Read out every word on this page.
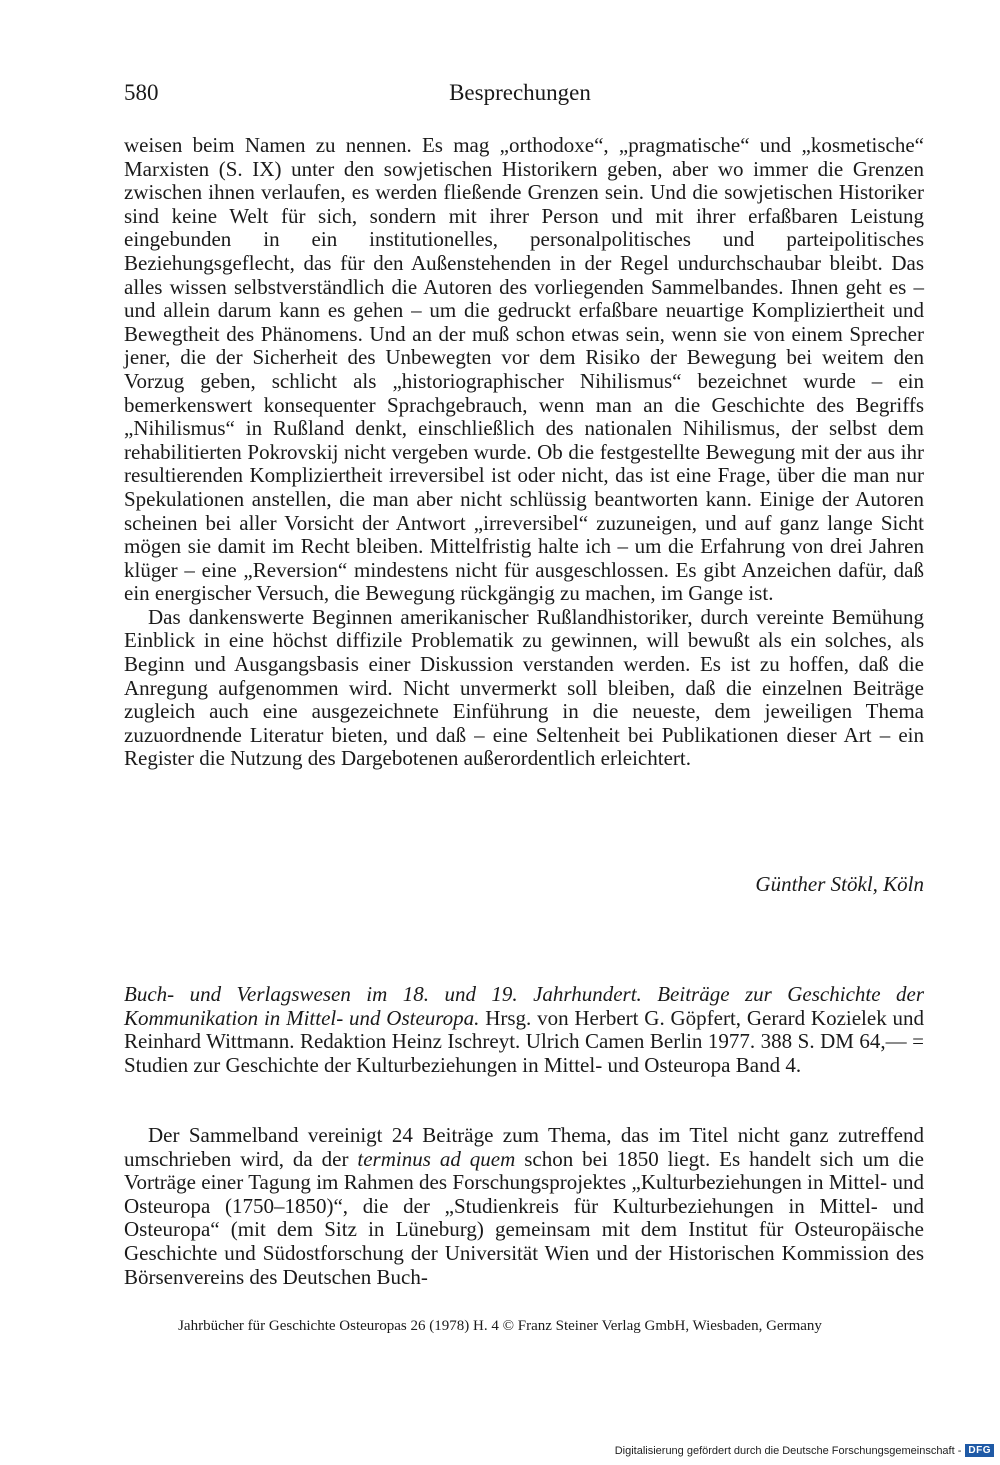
580	Besprechungen

weisen beim Namen zu nennen. Es mag „orthodoxe“, „pragmatische“ und „kosmetische“ Marxisten (S. IX) unter den sowjetischen Historikern geben, aber wo immer die Grenzen zwischen ihnen verlaufen, es werden fließende Grenzen sein. Und die sowjetischen Historiker sind keine Welt für sich, sondern mit ihrer Person und mit ihrer erfaßbaren Leistung eingebunden in ein institutionelles, personalpolitisches und parteipolitisches Beziehungsgeflecht, das für den Außenstehenden in der Regel undurchschaubar bleibt. Das alles wissen selbstverständlich die Autoren des vorliegenden Sammelbandes. Ihnen geht es – und allein darum kann es gehen – um die gedruckt erfaßbare neuartige Kompliziertheit und Bewegtheit des Phänomens. Und an der muß schon etwas sein, wenn sie von einem Sprecher jener, die der Sicherheit des Unbewegten vor dem Risiko der Bewegung bei weitem den Vorzug geben, schlicht als „historiographischer Nihilismus“ bezeichnet wurde – ein bemerkenswert konsequenter Sprachgebrauch, wenn man an die Geschichte des Begriffs „Nihilismus“ in Rußland denkt, einschließlich des nationalen Nihilismus, der selbst dem rehabilitierten Pokrovskij nicht vergeben wurde. Ob die festgestellte Bewegung mit der aus ihr resultierenden Kompliziertheit irreversibel ist oder nicht, das ist eine Frage, über die man nur Spekulationen anstellen, die man aber nicht schlüssig beantworten kann. Einige der Autoren scheinen bei aller Vorsicht der Antwort „irreversibel“ zuzuneigen, und auf ganz lange Sicht mögen sie damit im Recht bleiben. Mittelfristig halte ich – um die Erfahrung von drei Jahren klüger – eine „Reversion“ mindestens nicht für ausgeschlossen. Es gibt Anzeichen dafür, daß ein energischer Versuch, die Bewegung rückgängig zu machen, im Gange ist.

Das dankenswerte Beginnen amerikanischer Rußlandhistoriker, durch vereinte Bemühung Einblick in eine höchst diffizile Problematik zu gewinnen, will bewußt als ein solches, als Beginn und Ausgangsbasis einer Diskussion verstanden werden. Es ist zu hoffen, daß die Anregung aufgenommen wird. Nicht unvermerkt soll bleiben, daß die einzelnen Beiträge zugleich auch eine ausgezeichnete Einführung in die neueste, dem jeweiligen Thema zuzuordnende Literatur bieten, und daß – eine Seltenheit bei Publikationen dieser Art – ein Register die Nutzung des Dargebotenen außerordentlich erleichtert.

Günther Stökl, Köln

Buch- und Verlagswesen im 18. und 19. Jahrhundert. Beiträge zur Geschichte der Kommunikation in Mittel- und Osteuropa. Hrsg. von Herbert G. Göpfert, Gerard Kozielek und Reinhard Wittmann. Redaktion Heinz Ischreyt. Ulrich Camen Berlin 1977. 388 S. DM 64,— = Studien zur Geschichte der Kulturbeziehungen in Mittel- und Osteuropa Band 4.

Der Sammelband vereinigt 24 Beiträge zum Thema, das im Titel nicht ganz zutreffend umschrieben wird, da der terminus ad quem schon bei 1850 liegt. Es handelt sich um die Vorträge einer Tagung im Rahmen des Forschungsprojektes „Kulturbeziehungen in Mittel- und Osteuropa (1750–1850)“, die der „Studienkreis für Kulturbeziehungen in Mittel- und Osteuropa“ (mit dem Sitz in Lüneburg) gemeinsam mit dem Institut für Osteuropäische Geschichte und Südostforschung der Universität Wien und der Historischen Kommission des Börsenvereins des Deutschen Buch-

Jahrbücher für Geschichte Osteuropas 26 (1978) H. 4 © Franz Steiner Verlag GmbH, Wiesbaden, Germany
Digitalisierung gefördert durch die Deutsche Forschungsgemeinschaft - DFG
